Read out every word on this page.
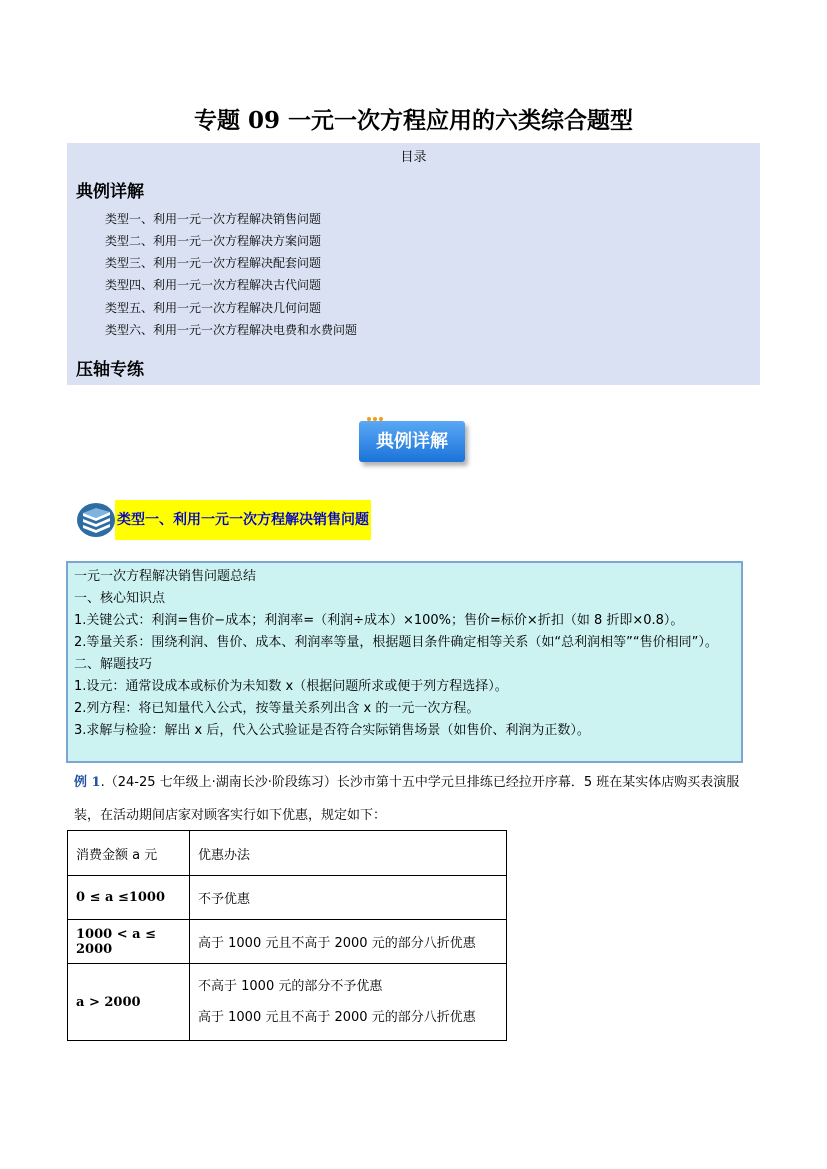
专题 09 一元一次方程应用的六类综合题型
目录
典例详解
类型一、利用一元一次方程解决销售问题
类型二、利用一元一次方程解决方案问题
类型三、利用一元一次方程解决配套问题
类型四、利用一元一次方程解决古代问题
类型五、利用一元一次方程解决几何问题
类型六、利用一元一次方程解决电费和水费问题
压轴专练
典例详解
类型一、利用一元一次方程解决销售问题
一元一次方程解决销售问题总结
一、核心知识点
1.关键公式：利润=售价−成本；利润率=（利润÷成本）×100%；售价=标价×折扣（如 8 折即×0.8）。
2.等量关系：围绕利润、售价、成本、利润率等量，根据题目条件确定相等关系（如“总利润相等”“售价相同”）。
二、解题技巧
1.设元：通常设成本或标价为未知数 x（根据问题所求或便于列方程选择）。
2.列方程：将已知量代入公式，按等量关系列出含 x 的一元一次方程。
3.求解与检验：解出 x 后，代入公式验证是否符合实际销售场景（如售价、利润为正数）。
例 1.（24-25 七年级上·湖南长沙·阶段练习）长沙市第十五中学元旦排练已经拉开序幕．5 班在某实体店购买表演服装，在活动期间店家对顾客实行如下优惠，规定如下：
消费金额 a 元	优惠办法
0 ≤ a ≤1000	不予优惠
1000 < a ≤ 2000	高于 1000 元且不高于 2000 元的部分八折优惠
a > 2000	不高于 1000 元的部分不予优惠
高于 1000 元且不高于 2000 元的部分八折优惠
